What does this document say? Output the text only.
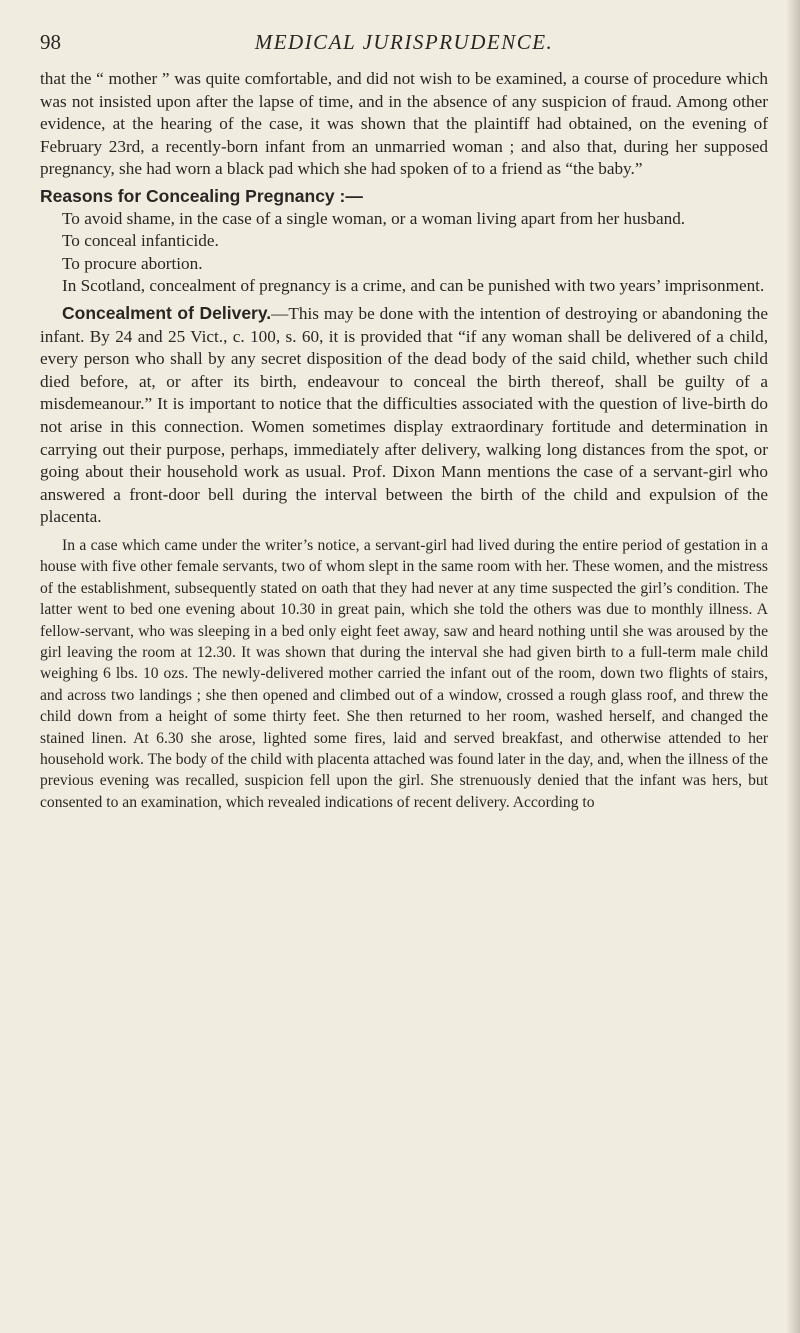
98	MEDICAL JURISPRUDENCE.

that the “ mother ” was quite comfortable, and did not wish to be examined, a course of procedure which was not insisted upon after the lapse of time, and in the absence of any suspicion of fraud. Among other evidence, at the hearing of the case, it was shown that the plaintiff had obtained, on the evening of February 23rd, a recently-born infant from an unmarried woman ; and also that, during her supposed pregnancy, she had worn a black pad which she had spoken of to a friend as “the baby.”

Reasons for Concealing Pregnancy :—

To avoid shame, in the case of a single woman, or a woman living apart from her husband.

To conceal infanticide.

To procure abortion.

In Scotland, concealment of pregnancy is a crime, and can be punished with two years’ imprisonment.

Concealment of Delivery.—This may be done with the intention of destroying or abandoning the infant. By 24 and 25 Vict., c. 100, s. 60, it is provided that “if any woman shall be delivered of a child, every person who shall by any secret disposition of the dead body of the said child, whether such child died before, at, or after its birth, endeavour to conceal the birth thereof, shall be guilty of a misdemeanour.” It is important to notice that the difficulties associated with the question of live-birth do not arise in this connection. Women sometimes display extraordinary fortitude and determination in carrying out their purpose, perhaps, immediately after delivery, walking long distances from the spot, or going about their household work as usual. Prof. Dixon Mann mentions the case of a servant-girl who answered a front-door bell during the interval between the birth of the child and expulsion of the placenta.

In a case which came under the writer’s notice, a servant-girl had lived during the entire period of gestation in a house with five other female servants, two of whom slept in the same room with her. These women, and the mistress of the establishment, subsequently stated on oath that they had never at any time suspected the girl’s condition. The latter went to bed one evening about 10.30 in great pain, which she told the others was due to monthly illness. A fellow-servant, who was sleeping in a bed only eight feet away, saw and heard nothing until she was aroused by the girl leaving the room at 12.30. It was shown that during the interval she had given birth to a full-term male child weighing 6 lbs. 10 ozs. The newly-delivered mother carried the infant out of the room, down two flights of stairs, and across two landings ; she then opened and climbed out of a window, crossed a rough glass roof, and threw the child down from a height of some thirty feet. She then returned to her room, washed herself, and changed the stained linen. At 6.30 she arose, lighted some fires, laid and served breakfast, and otherwise attended to her household work. The body of the child with placenta attached was found later in the day, and, when the illness of the previous evening was recalled, suspicion fell upon the girl. She strenuously denied that the infant was hers, but consented to an examination, which revealed indications of recent delivery. According to
